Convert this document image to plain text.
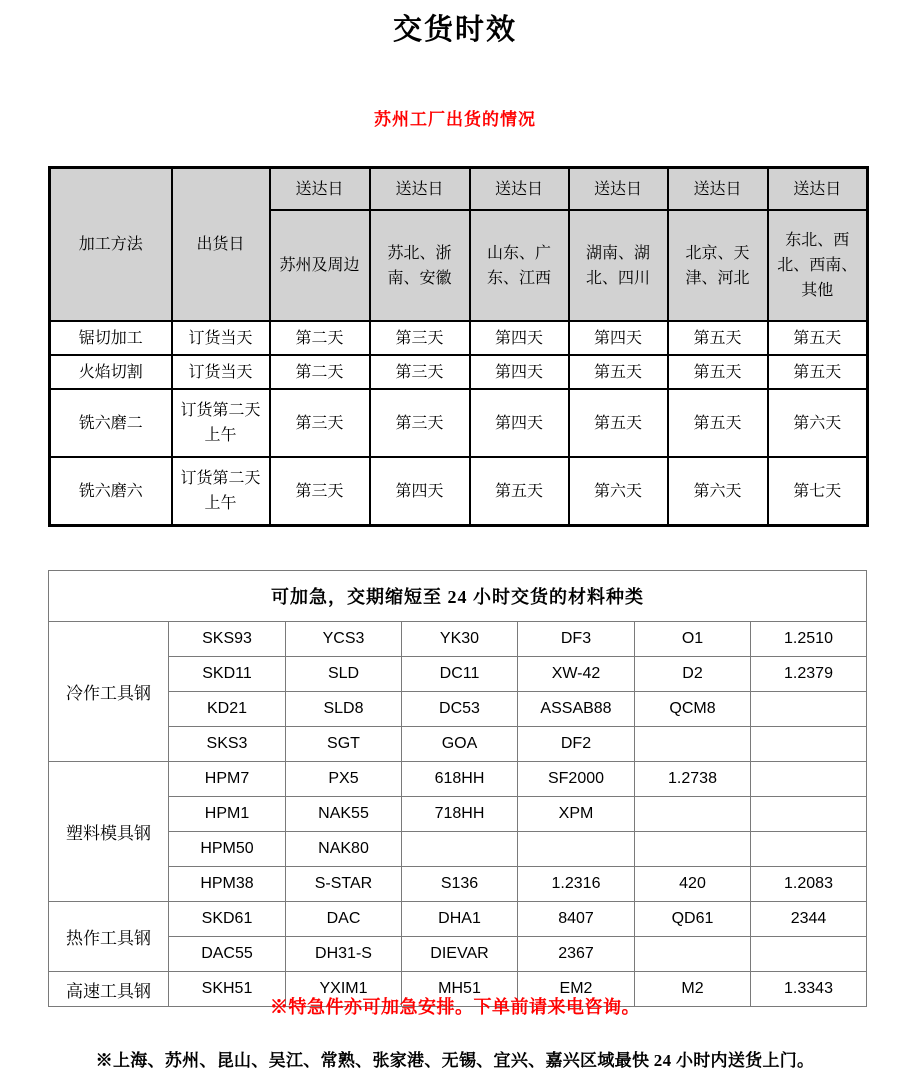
交货时效
苏州工厂出货的情况
加工方法	出货日	送达日	送达日	送达日	送达日	送达日	送达日
		苏州及周边	苏北、浙南、安徽	山东、广东、江西	湖南、湖北、四川	北京、天津、河北	东北、西北、西南、其他
锯切加工	订货当天	第二天	第三天	第四天	第四天	第五天	第五天
火焰切割	订货当天	第二天	第三天	第四天	第五天	第五天	第五天
铣六磨二	订货第二天上午	第三天	第三天	第四天	第五天	第五天	第六天
铣六磨六	订货第二天上午	第三天	第四天	第五天	第六天	第六天	第七天
可加急，交期缩短至 24 小时交货的材料种类						
冷作工具钢	SKS93	YCS3	YK30	DF3	O1	1.2510
	SKD11	SLD	DC11	XW-42	D2	1.2379
	KD21	SLD8	DC53	ASSAB88	QCM8	
	SKS3	SGT	GOA	DF2		
塑料模具钢	HPM7	PX5	618HH	SF2000	1.2738	
	HPM1	NAK55	718HH	XPM		
	HPM50	NAK80				
	HPM38	S-STAR	S136	1.2316	420	1.2083
热作工具钢	SKD61	DAC	DHA1	8407	QD61	2344
	DAC55	DH31-S	DIEVAR	2367		
高速工具钢	SKH51	YXIM1	MH51	EM2	M2	1.3343
※特急件亦可加急安排。下单前请来电咨询。
※上海、苏州、昆山、吴江、常熟、张家港、无锡、宜兴、嘉兴区域最快 24 小时内送货上门。
